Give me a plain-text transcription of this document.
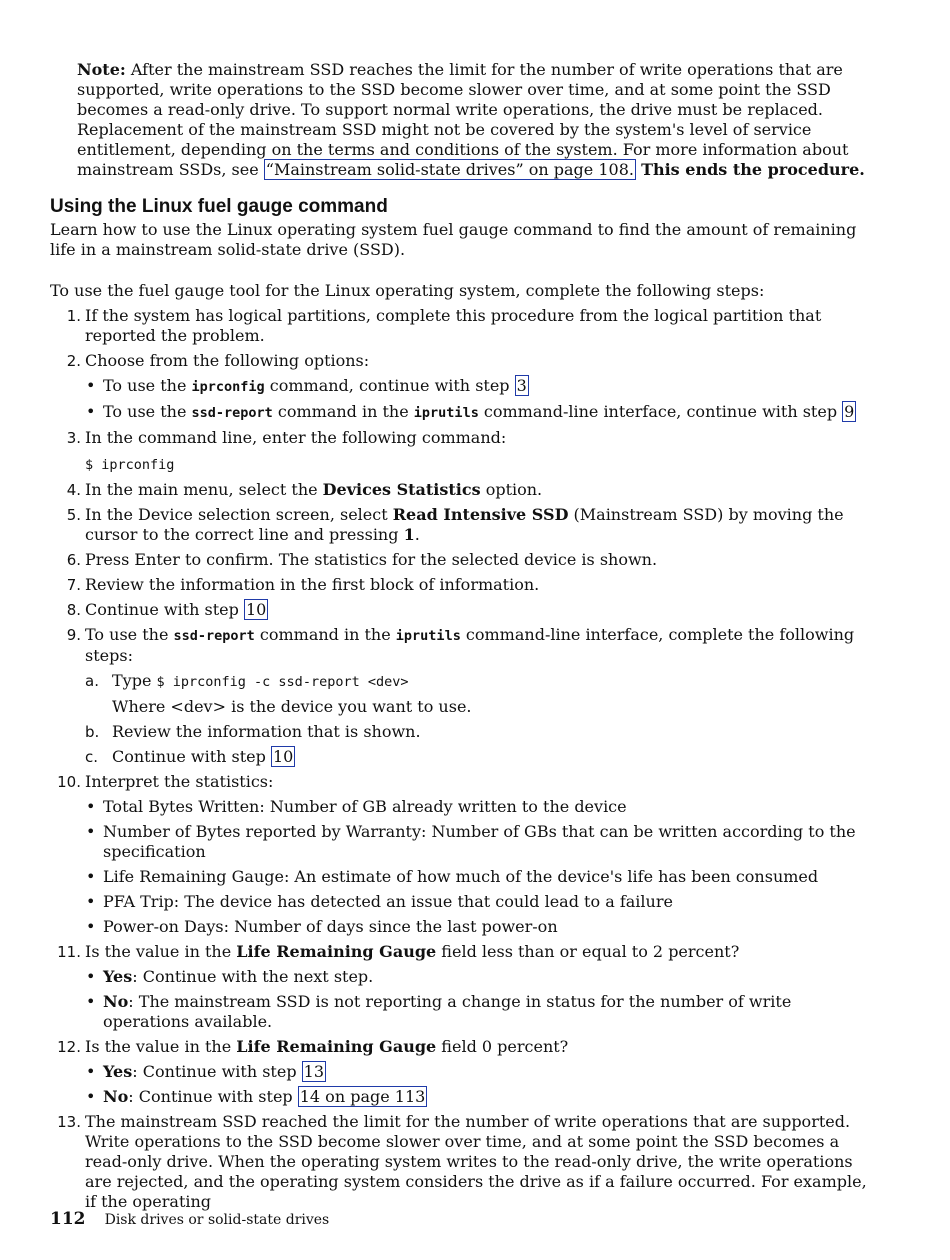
Note: After the mainstream SSD reaches the limit for the number of write operations that are supported, write operations to the SSD become slower over time, and at some point the SSD becomes a read-only drive. To support normal write operations, the drive must be replaced. Replacement of the mainstream SSD might not be covered by the system's level of service entitlement, depending on the terms and conditions of the system. For more information about mainstream SSDs, see “Mainstream solid-state drives” on page 108. This ends the procedure.
Using the Linux fuel gauge command
Learn how to use the Linux operating system fuel gauge command to find the amount of remaining life in a mainstream solid-state drive (SSD).
To use the fuel gauge tool for the Linux operating system, complete the following steps:
1. If the system has logical partitions, complete this procedure from the logical partition that reported the problem.
2. Choose from the following options:
• To use the iprconfig command, continue with step 3
• To use the ssd-report command in the iprutils command-line interface, continue with step 9
3. In the command line, enter the following command:
$ iprconfig
4. In the main menu, select the Devices Statistics option.
5. In the Device selection screen, select Read Intensive SSD (Mainstream SSD) by moving the cursor to the correct line and pressing 1.
6. Press Enter to confirm. The statistics for the selected device is shown.
7. Review the information in the first block of information.
8. Continue with step 10
9. To use the ssd-report command in the iprutils command-line interface, complete the following steps:
a. Type $ iprconfig -c ssd-report <dev>
Where <dev> is the device you want to use.
b. Review the information that is shown.
c. Continue with step 10
10. Interpret the statistics:
• Total Bytes Written: Number of GB already written to the device
• Number of Bytes reported by Warranty: Number of GBs that can be written according to the specification
• Life Remaining Gauge: An estimate of how much of the device's life has been consumed
• PFA Trip: The device has detected an issue that could lead to a failure
• Power-on Days: Number of days since the last power-on
11. Is the value in the Life Remaining Gauge field less than or equal to 2 percent?
• Yes: Continue with the next step.
• No: The mainstream SSD is not reporting a change in status for the number of write operations available.
12. Is the value in the Life Remaining Gauge field 0 percent?
• Yes: Continue with step 13
• No: Continue with step 14 on page 113
13. The mainstream SSD reached the limit for the number of write operations that are supported. Write operations to the SSD become slower over time, and at some point the SSD becomes a read-only drive. When the operating system writes to the read-only drive, the write operations are rejected, and the operating system considers the drive as if a failure occurred. For example, if the operating
112 Disk drives or solid-state drives
